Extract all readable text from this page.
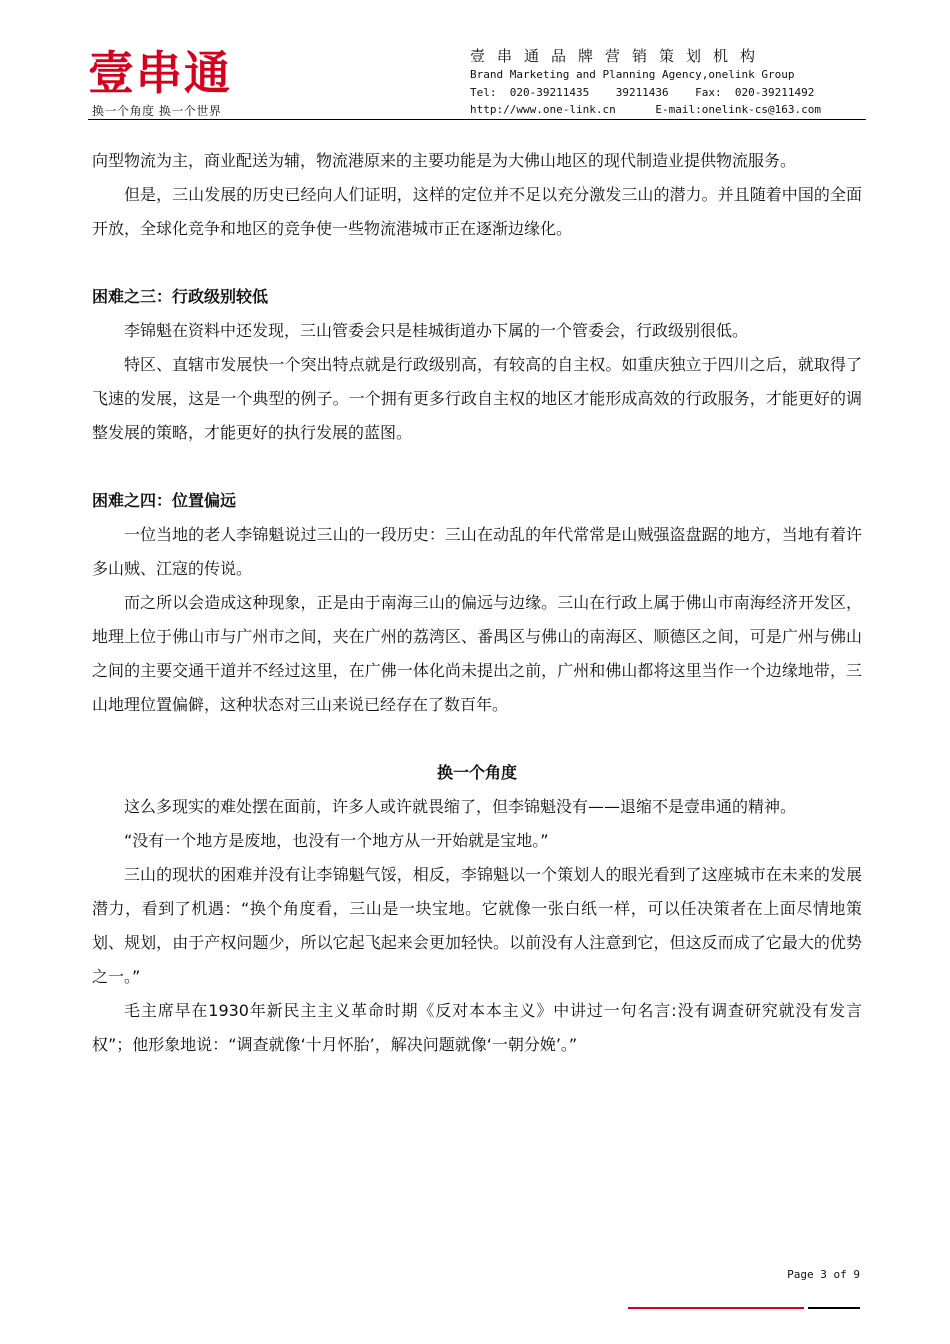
壹串通
换一个角度 换一个世界
壹串通品牌营销策划机构
Brand Marketing and Planning Agency,onelink Group
Tel:  020-39211435    39211436    Fax:  020-39211492
http://www.one-link.cn      E-mail:onelink-cs@163.com

向型物流为主，商业配送为辅，物流港原来的主要功能是为大佛山地区的现代制造业提供物流服务。

但是，三山发展的历史已经向人们证明，这样的定位并不足以充分激发三山的潜力。并且随着中国的全面开放，全球化竞争和地区的竞争使一些物流港城市正在逐渐边缘化。

困难之三：行政级别较低

李锦魁在资料中还发现，三山管委会只是桂城街道办下属的一个管委会，行政级别很低。

特区、直辖市发展快一个突出特点就是行政级别高，有较高的自主权。如重庆独立于四川之后，就取得了飞速的发展，这是一个典型的例子。一个拥有更多行政自主权的地区才能形成高效的行政服务，才能更好的调整发展的策略，才能更好的执行发展的蓝图。

困难之四：位置偏远

一位当地的老人李锦魁说过三山的一段历史：三山在动乱的年代常常是山贼强盗盘踞的地方，当地有着许多山贼、江寇的传说。

而之所以会造成这种现象，正是由于南海三山的偏远与边缘。三山在行政上属于佛山市南海经济开发区，地理上位于佛山市与广州市之间，夹在广州的荔湾区、番禺区与佛山的南海区、顺德区之间，可是广州与佛山之间的主要交通干道并不经过这里，在广佛一体化尚未提出之前，广州和佛山都将这里当作一个边缘地带，三山地理位置偏僻，这种状态对三山来说已经存在了数百年。

换一个角度

这么多现实的难处摆在面前，许多人或许就畏缩了，但李锦魁没有——退缩不是壹串通的精神。

“没有一个地方是废地，也没有一个地方从一开始就是宝地。”

三山的现状的困难并没有让李锦魁气馁，相反，李锦魁以一个策划人的眼光看到了这座城市在未来的发展潜力，看到了机遇：“换个角度看，三山是一块宝地。它就像一张白纸一样，可以任决策者在上面尽情地策划、规划，由于产权问题少，所以它起飞起来会更加轻快。以前没有人注意到它，但这反而成了它最大的优势之一。”

毛主席早在1930年新民主主义革命时期《反对本本主义》中讲过一句名言:没有调查研究就没有发言权”；他形象地说：“调查就像‘十月怀胎’，解决问题就像‘一朝分娩’。”

Page 3 of 9
